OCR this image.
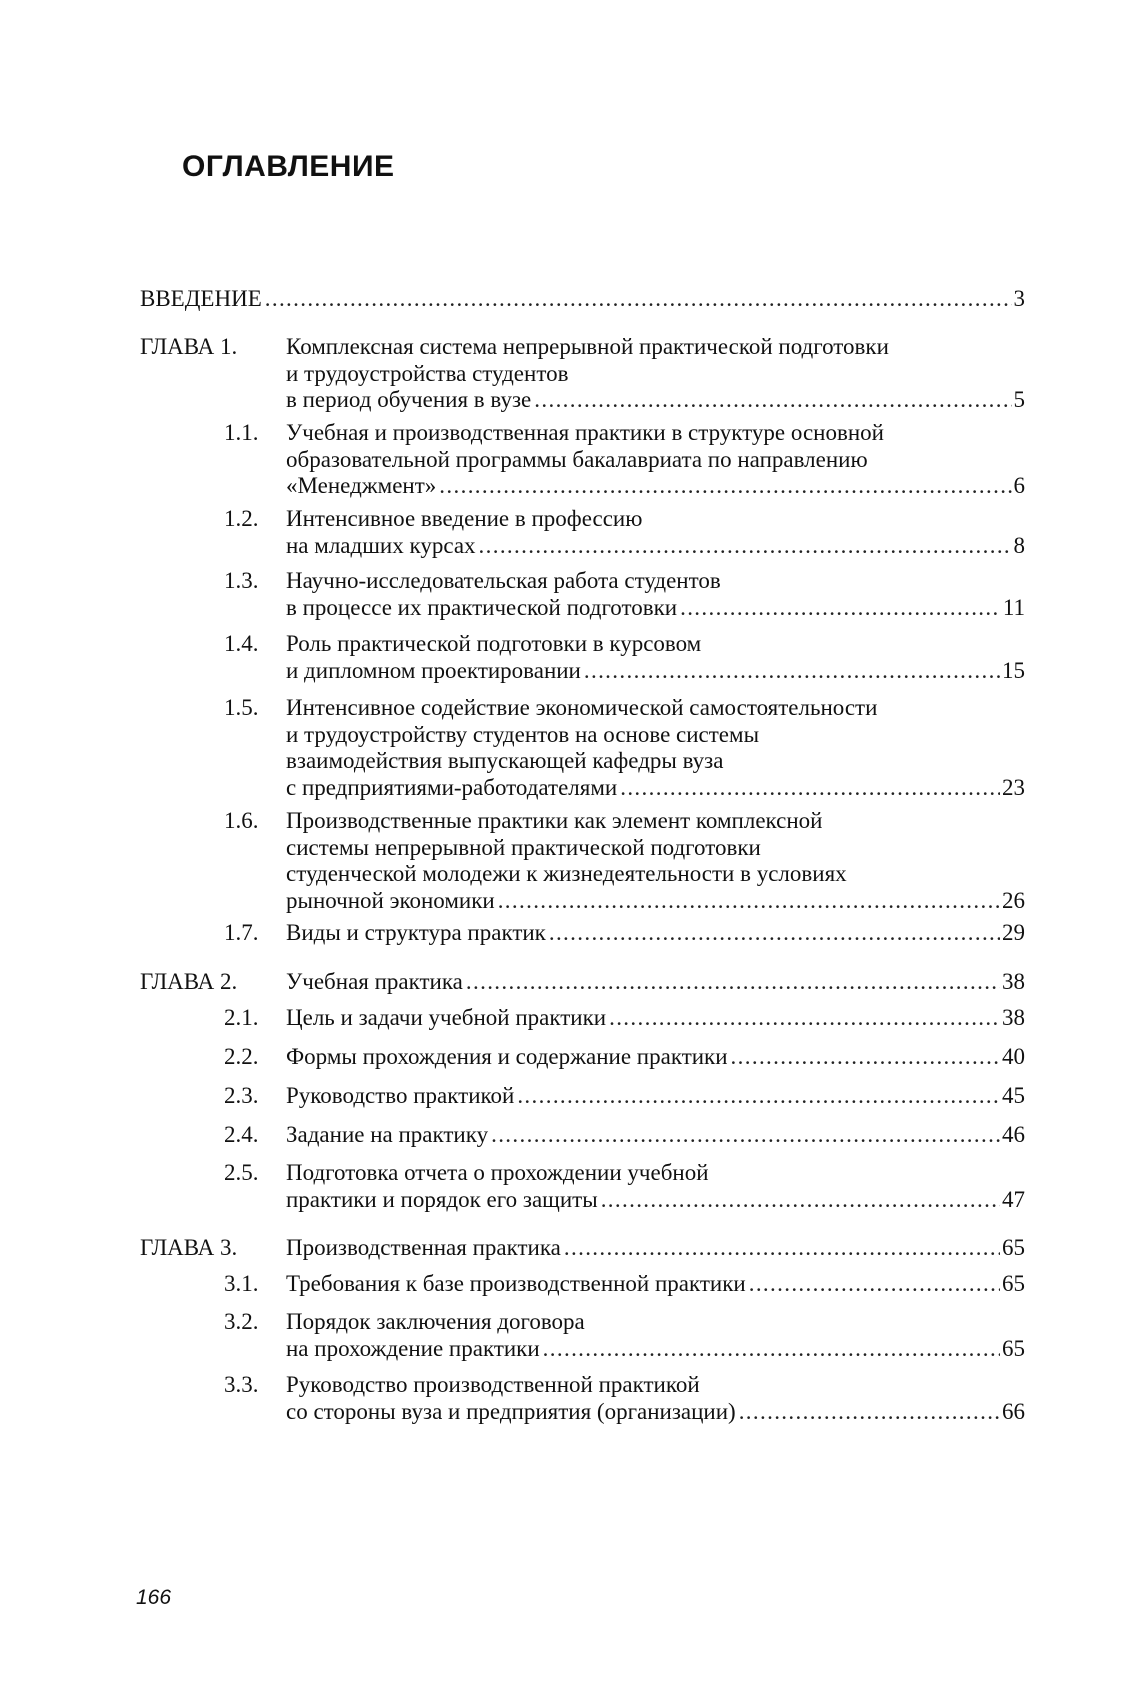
ОГЛАВЛЕНИЕ
ВВЕДЕНИЕ . . .	3
ГЛАВА 1. Комплексная система непрерывной практической подготовки
и трудоустройства студентов
в период обучения в вузе . . .	5
1.1. Учебная и производственная практики в структуре основной
образовательной программы бакалавриата по направлению
«Менеджмент» . . .	6
1.2. Интенсивное введение в профессию
на младших курсах . . .	8
1.3. Научно-исследовательская работа студентов
в процессе их практической подготовки . . .	11
1.4. Роль практической подготовки в курсовом
и дипломном проектировании . . .	15
1.5. Интенсивное содействие экономической самостоятельности
и трудоустройству студентов на основе системы
взаимодействия выпускающей кафедры вуза
с предприятиями-работодателями . . .	23
1.6. Производственные практики как элемент комплексной
системы непрерывной практической подготовки
студенческой молодежи к жизнедеятельности в условиях
рыночной экономики . . .	26
1.7. Виды и структура практик . . .	29
ГЛАВА 2. Учебная практика . . .	38
2.1. Цель и задачи учебной практики . . .	38
2.2. Формы прохождения и содержание практики . . .	40
2.3. Руководство практикой . . .	45
2.4. Задание на практику . . .	46
2.5. Подготовка отчета о прохождении учебной
практики и порядок его защиты . . .	47
ГЛАВА 3. Производственная практика . . .	65
3.1. Требования к базе производственной практики . . .	65
3.2. Порядок заключения договора
на прохождение практики . . .	65
3.3. Руководство производственной практикой
со стороны вуза и предприятия (организации) . . .	66
166
